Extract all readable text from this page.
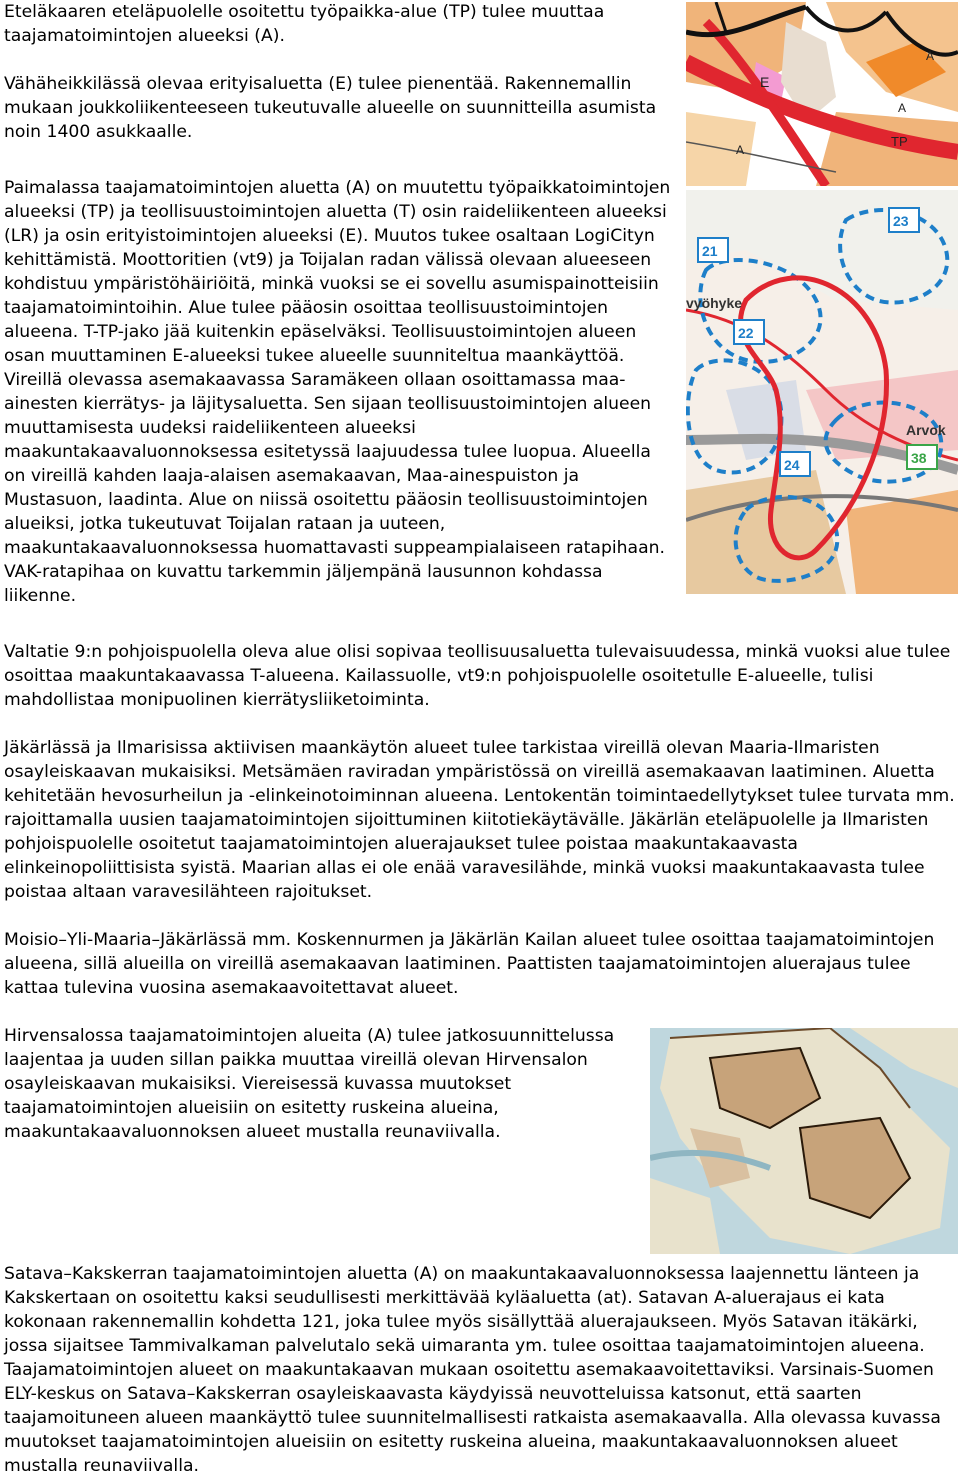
Eteläkaaren eteläpuolelle osoitettu työpaikka-alue (TP) tulee muuttaa taajamatoimintojen alueeksi (A).

Vähäheikkilässä olevaa erityisaluetta (E) tulee pienentää. Rakennemallin mukaan joukkoliikenteeseen tukeutuvalle alueelle on suunnitteilla asumista noin 1400 asukkaalle.

Paimalassa taajamatoimintojen aluetta (A) on muutettu työpaikkatoimintojen alueeksi (TP) ja teollisuustoimintojen aluetta (T) osin raideliikenteen alueeksi (LR) ja osin erityistoimintojen alueeksi (E). Muutos tukee osaltaan LogiCityn kehittämistä. Moottoritien (vt9) ja Toijalan radan välissä olevaan alueeseen kohdistuu ympäristöhäiriöitä, minkä vuoksi se ei sovellu asumispainotteisiin taajamatoimintoihin. Alue tulee pääosin osoittaa teollisuustoimintojen alueena. T-TP-jako jää kuitenkin epäselväksi. Teollisuustoimintojen alueen osan muuttaminen E-alueeksi tukee alueelle suunniteltua maankäyttöä. Vireillä olevassa asemakaavassa Saramäkeen ollaan osoittamassa maa-ainesten kierrätys- ja läjitysaluetta. Sen sijaan teollisuustoimintojen alueen muuttamisesta uudeksi raideliikenteen alueeksi maakuntakaavaluonnoksessa esitetyssä laajuudessa tulee luopua. Alueella on vireillä kahden laaja-alaisen asemakaavan, Maa-ainespuiston ja Mustasuon, laadinta. Alue on niissä osoitettu pääosin teollisuustoimintojen alueiksi, jotka tukeutuvat Toijalan rataan ja uuteen, maakuntakaavaluonnoksessa huomattavasti suppeampialaiseen ratapihaan. VAK-ratapihaa on kuvattu tarkemmin jäljempänä lausunnon kohdassa liikenne.

Valtatie 9:n pohjoispuolella oleva alue olisi sopivaa teollisuusaluetta tulevaisuudessa, minkä vuoksi alue tulee osoittaa maakuntakaavassa T-alueena. Kailassuolle, vt9:n pohjoispuolelle osoitetulle E-alueelle, tulisi mahdollistaa monipuolinen kierrätysliiketoiminta.

Jäkärlässä ja Ilmarisissa aktiivisen maankäytön alueet tulee tarkistaa vireillä olevan Maaria-Ilmaristen osayleiskaavan mukaisiksi. Metsämäen raviradan ympäristössä on vireillä asemakaavan laatiminen. Aluetta kehitetään hevosurheilun ja -elinkeinotoiminnan alueena. Lentokentän toimintaedellytykset tulee turvata mm. rajoittamalla uusien taajamatoimintojen sijoittuminen kiitotiekäytävälle. Jäkärlän eteläpuolelle ja Ilmaristen pohjoispuolelle osoitetut taajamatoimintojen aluerajaukset tulee poistaa maakuntakaavasta elinkeinopoliittisista syistä. Maarian allas ei ole enää varavesilähde, minkä vuoksi maakuntakaavasta tulee poistaa altaan varavesilähteen rajoitukset.

Moisio–Yli-Maaria–Jäkärlässä mm. Koskennurmen ja Jäkärlän Kailan alueet tulee osoittaa taajamatoimintojen alueena, sillä alueilla on vireillä asemakaavan laatiminen. Paattisten taajamatoimintojen aluerajaus tulee kattaa tulevina vuosina asemakaavoitettavat alueet.

Hirvensalossa taajamatoimintojen alueita (A) tulee jatkosuunnittelussa laajentaa ja uuden sillan paikka muuttaa vireillä olevan Hirvensalon osayleiskaavan mukaisiksi. Viereisessä kuvassa muutokset taajamatoimintojen alueisiin on esitetty ruskeina alueina, maakuntakaavaluonnoksen alueet mustalla reunaviivalla.

Satava–Kakskerran taajamatoimintojen aluetta (A) on maakuntakaavaluonnoksessa laajennettu länteen ja Kakskertaan on osoitettu kaksi seudullisesti merkittävää kyläaluetta (at). Satavan A-aluerajaus ei kata kokonaan rakennemallin kohdetta 121, joka tulee myös sisällyttää aluerajaukseen. Myös Satavan itäkärki, jossa sijaitsee Tammivalkaman palvelutalo sekä uimaranta ym. tulee osoittaa taajamatoimintojen alueena. Taajamatoimintojen alueet on maakuntakaavan mukaan osoitettu asemakaavoitettaviksi. Varsinais-Suomen ELY-keskus on Satava–Kakskerran osayleiskaavasta käydyissä neuvotteluissa katsonut, että saarten taajamoituneen alueen maankäyttö tulee suunnitelmallisesti ratkaista asemakaavalla. Alla olevassa kuvassa muutokset taajamatoimintojen alueisiin on esitetty ruskeina alueina, maakuntakaavaluonnoksen alueet mustalla reunaviivalla.

E
A
A
TP
A
21
23
22
24	38
vyöhyke
Arvok
